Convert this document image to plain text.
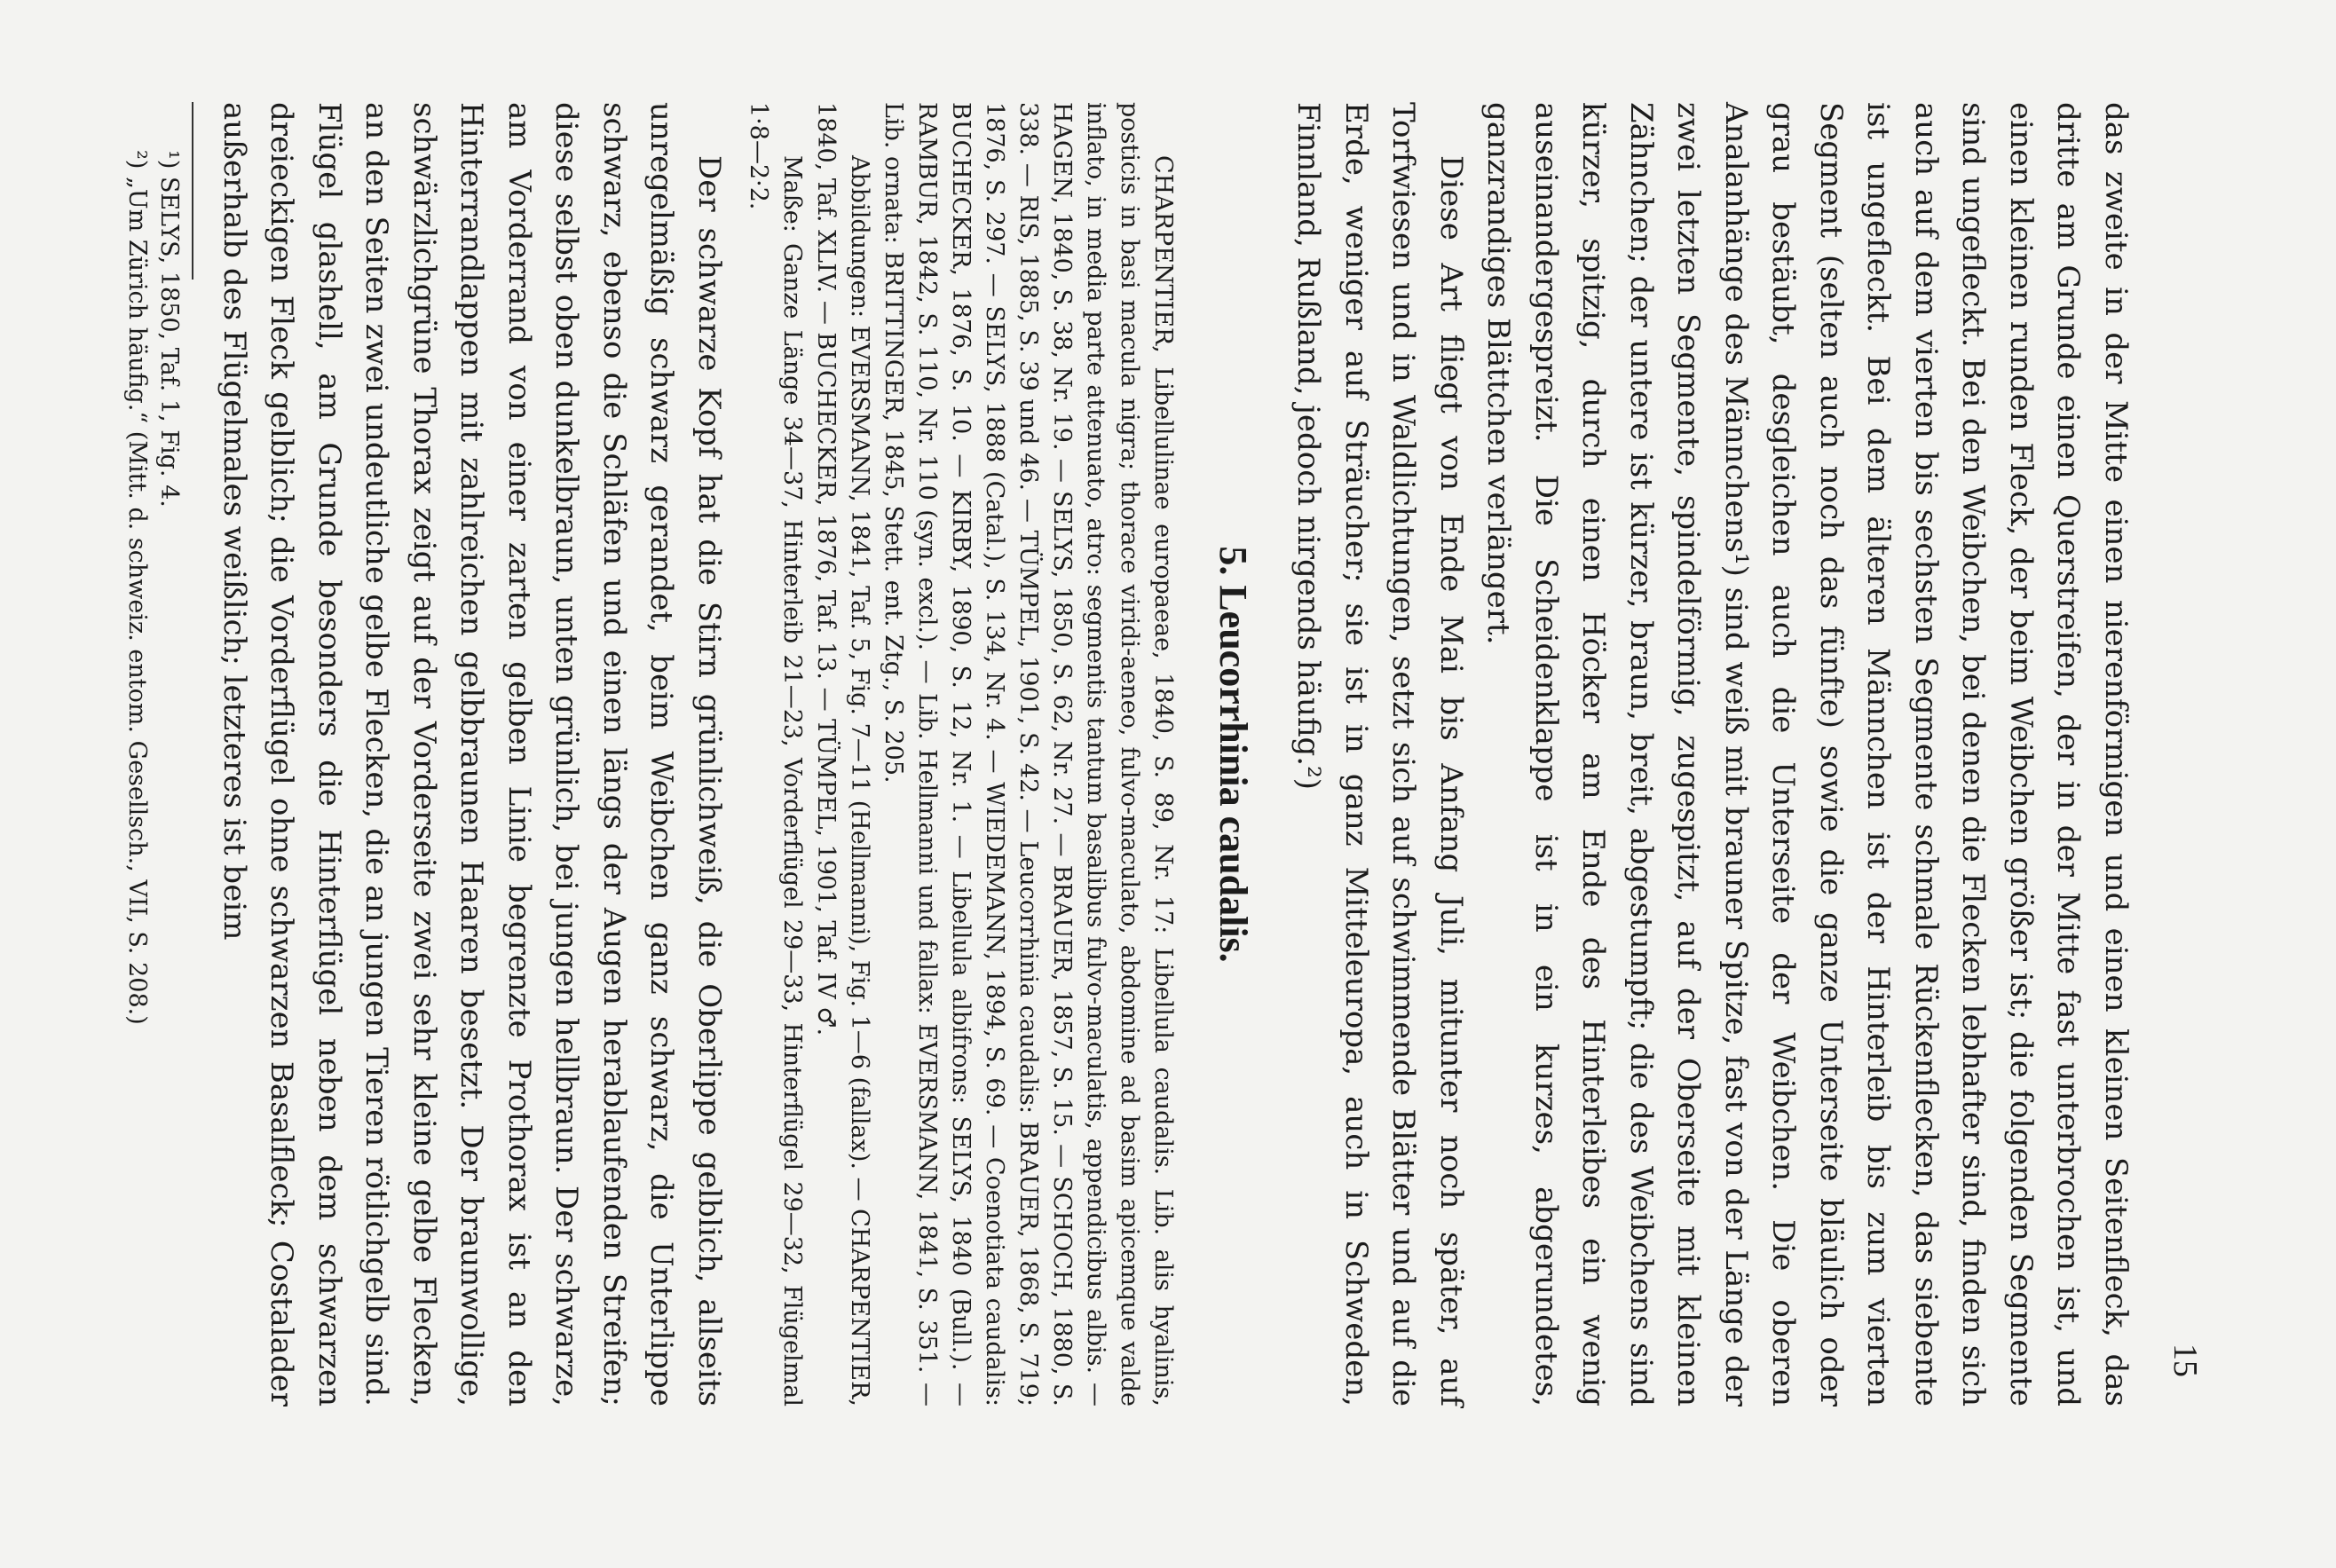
15

das zweite in der Mitte einen nierenförmigen und einen kleinen Seitenfleck, das dritte am Grunde einen Querstreifen, der in der Mitte fast unterbrochen ist, und einen kleinen runden Fleck, der beim Weibchen größer ist; die folgenden Segmente sind ungefleckt. Bei den Weibchen, bei denen die Flecken lebhafter sind, finden sich auch auf dem vierten bis sechsten Segmente schmale Rückenflecken, das siebente ist ungefleckt. Bei dem älteren Männchen ist der Hinterleib bis zum vierten Segment (selten auch noch das fünfte) sowie die ganze Unterseite bläulich oder grau bestäubt, desgleichen auch die Unterseite der Weibchen. Die oberen Analanhänge des Männchens¹) sind weiß mit brauner Spitze, fast von der Länge der zwei letzten Segmente, spindelförmig, zugespitzt, auf der Oberseite mit kleinen Zähnchen; der untere ist kürzer, braun, breit, abgestumpft; die des Weibchens sind kürzer, spitzig, durch einen Höcker am Ende des Hinterleibes ein wenig auseinandergespreizt. Die Scheidenklappe ist in ein kurzes, abgerundetes, ganzrandiges Blättchen verlängert.

Diese Art fliegt von Ende Mai bis Anfang Juli, mitunter noch später, auf Torfwiesen und in Waldlichtungen, setzt sich auf schwimmende Blätter und auf die Erde, weniger auf Sträucher; sie ist in ganz Mitteleuropa, auch in Schweden, Finnland, Rußland, jedoch nirgends häufig.²)

5. Leucorrhinia caudalis.

CHARPENTIER, Libellulinae europaeae, 1840, S. 89, Nr. 17: Libellula caudalis. Lib. alis hyalinis, posticis in basi macula nigra; thorace viridi-aeneo, fulvo-maculato, abdomine ad basim apicemque valde inflato, in media parte attenuato, atro: segmentis tantum basalibus fulvo-maculatis, appendicibus albis. — HAGEN, 1840, S. 38, Nr. 19. — SELYS, 1850, S. 62, Nr. 27. — BRAUER, 1857, S. 15. — SCHOCH, 1880, S. 338. — RIS, 1885, S. 39 und 46. — TÜMPEL, 1901, S. 42. — Leucorrhinia caudalis: BRAUER, 1868, S. 719; 1876, S. 297. — SELYS, 1888 (Catal.), S. 134, Nr. 4. — WIEDEMANN, 1894, S. 69. — Coenotiata caudalis: BUCHECKER, 1876, S. 10. — KIRBY, 1890, S. 12, Nr. 1. — Libellula albifrons: SELYS, 1840 (Bull.). — RAMBUR, 1842, S. 110, Nr. 110 (syn. excl.). — Lib. Hellmanni und fallax: EVERSMANN, 1841, S. 351. — Lib. ornata: BRITTINGER, 1845, Stett. ent. Ztg., S. 205.

Abbildungen: EVERSMANN, 1841, Taf. 5, Fig. 7—11 (Hellmanni), Fig. 1—6 (fallax). — CHARPENTIER, 1840, Taf. XLIV. — BUCHECKER, 1876, Taf. 13. — TÜMPEL, 1901, Taf. IV ♂.

Maße: Ganze Länge 34—37, Hinterleib 21—23, Vorderflügel 29—33, Hinterflügel 29—32, Flügelmal 1·8—2·2.

Der schwarze Kopf hat die Stirn grünlichweiß, die Oberlippe gelblich, allseits unregelmäßig schwarz gerandet, beim Weibchen ganz schwarz, die Unterlippe schwarz, ebenso die Schläfen und einen längs der Augen herablaufenden Streifen; diese selbst oben dunkelbraun, unten grünlich, bei jungen hellbraun. Der schwarze, am Vorderrand von einer zarten gelben Linie begrenzte Prothorax ist an den Hinterrandlappen mit zahlreichen gelbbraunen Haaren besetzt. Der braunwollige, schwärzlichgrüne Thorax zeigt auf der Vorderseite zwei sehr kleine gelbe Flecken, an den Seiten zwei undeutliche gelbe Flecken, die an jungen Tieren rötlichgelb sind. Flügel glashell, am Grunde besonders die Hinterflügel neben dem schwarzen dreieckigen Fleck gelblich; die Vorderflügel ohne schwarzen Basalfleck; Costalader außerhalb des Flügelmales weißlich; letzteres ist beim

¹) SELYS, 1850, Taf. 1, Fig. 4.

²) „Um Zürich häufig.“ (Mitt. d. schweiz. entom. Gesellsch., VII, S. 208.)
